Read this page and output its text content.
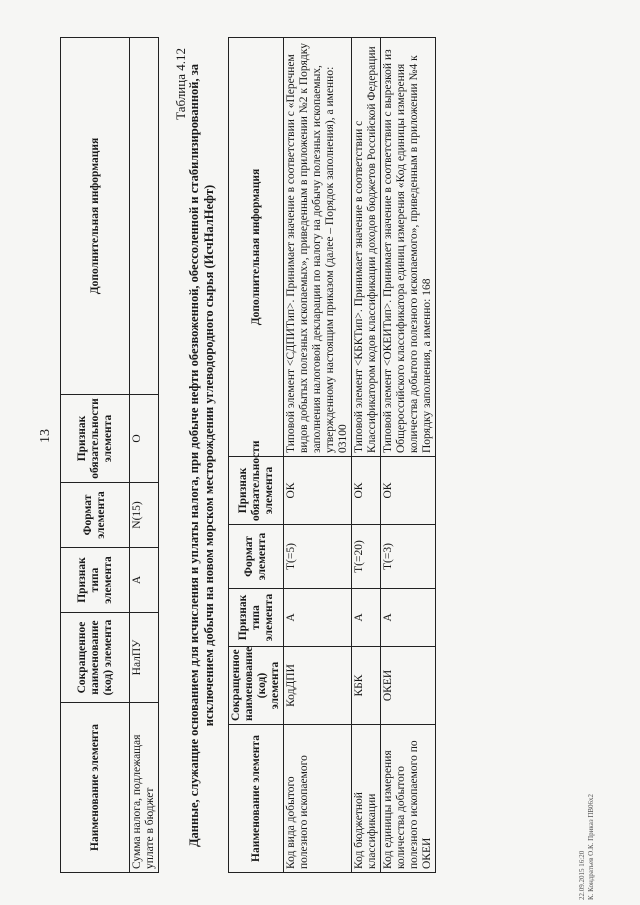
13
Наименование элемента	Сокращенное наименование (код) элемента	Признак типа элемента	Формат элемента	Признак обязательности элемента	Дополнительная информация
Сумма налога, подлежащая уплате в бюджет	НалПУ	А	N(15)	О	
Таблица 4.12 Данные, служащие основанием для исчисления и уплаты налога, при добыче нефти обезвоженной, обессоленной и стабилизированной, за исключением добычи на новом морском месторождении углеводородного сырья (ИсчНалНефт)
Наименование элемента	Сокращенное наименование (код) элемента	Признак типа элемента	Формат элемента	Признак обязательности элемента	Дополнительная информация
Код вида добытого полезного ископаемого	КодДПИ	А	T(=5)	ОК	Типовой элемент <СДПИТип>. Принимает значение в соответствии с «Перечнем видов добытых полезных ископаемых», приведенным в приложении №2 к Порядку заполнения налоговой декларации по налогу на добычу полезных ископаемых, утвержденному настоящим приказом (далее – Порядок заполнения), а именно: 03100
Код бюджетной классификации	КБК	А	T(=20)	ОК	Типовой элемент <КБКТип>. Принимает значение в соответствии с Классификатором кодов классификации доходов бюджетов Российской Федерации
Код единицы измерения количества добытого полезного ископаемого по ОКЕИ	ОКЕИ	А	T(=3)	ОК	Типовой элемент <ОКЕИТип>. Принимает значение в соответствии с вырезкой из Общероссийского классификатора единиц измерения «Код единицы измерения количества добытого полезного ископаемого», приведенным в приложении №4 к Порядку заполнения, а именно: 168
22.09.2015 16:20 К. Кондратьев О.К. Приказ ПВ06х2
